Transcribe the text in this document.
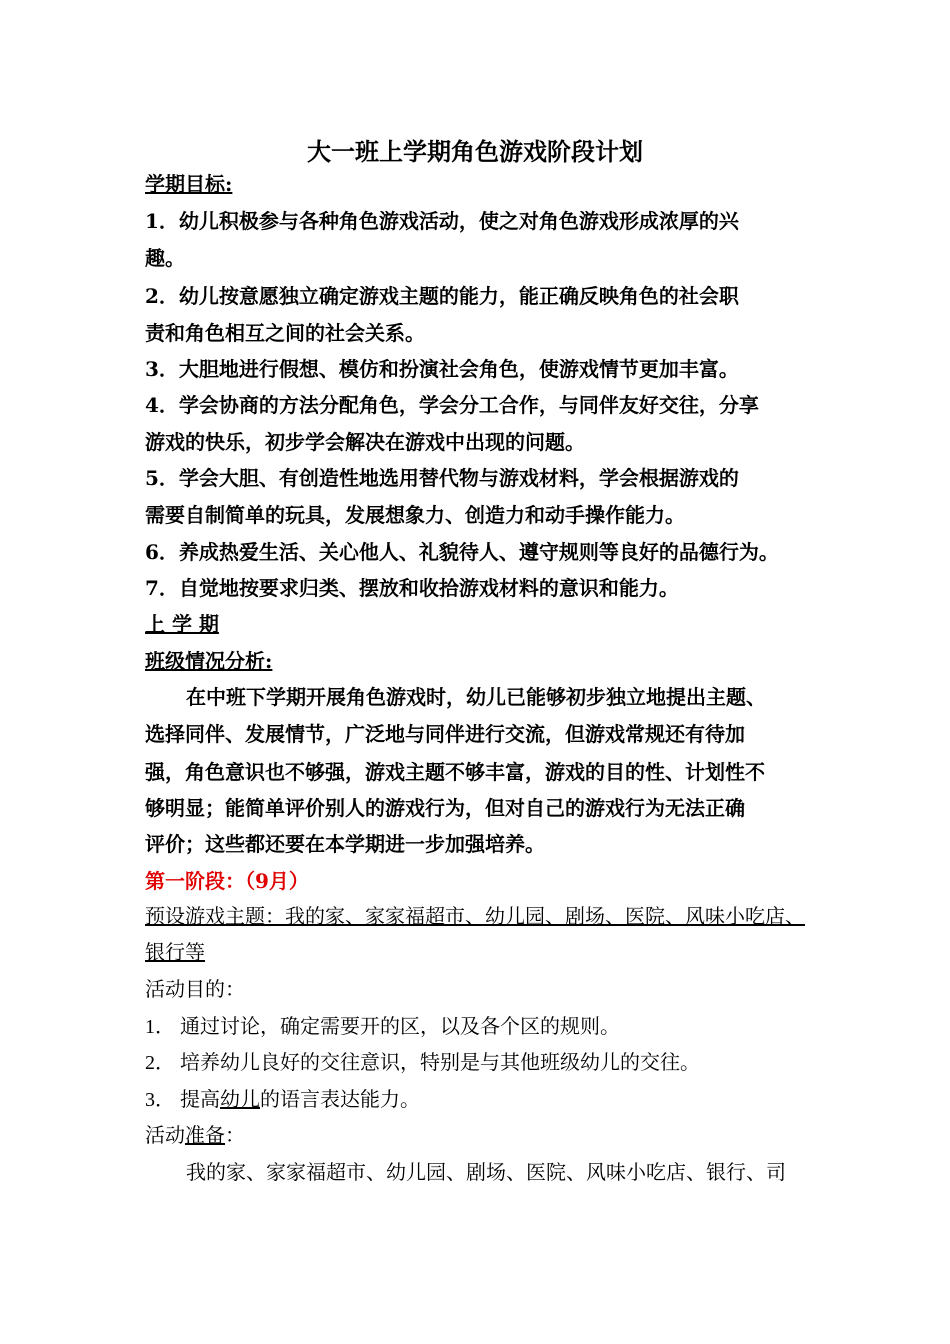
大一班上学期角色游戏阶段计划
学期目标:
1．幼儿积极参与各种角色游戏活动，使之对角色游戏形成浓厚的兴
趣。
2．幼儿按意愿独立确定游戏主题的能力，能正确反映角色的社会职
责和角色相互之间的社会关系。
3．大胆地进行假想、模仿和扮演社会角色，使游戏情节更加丰富。
4．学会协商的方法分配角色，学会分工合作，与同伴友好交往，分享
游戏的快乐，初步学会解决在游戏中出现的问题。
5．学会大胆、有创造性地选用替代物与游戏材料，学会根据游戏的
需要自制简单的玩具，发展想象力、创造力和动手操作能力。
6．养成热爱生活、关心他人、礼貌待人、遵守规则等良好的品德行为。
7．自觉地按要求归类、摆放和收拾游戏材料的意识和能力。
上 学 期
班级情况分析:
在中班下学期开展角色游戏时，幼儿已能够初步独立地提出主题、
选择同伴、发展情节，广泛地与同伴进行交流，但游戏常规还有待加
强，角色意识也不够强，游戏主题不够丰富，游戏的目的性、计划性不
够明显；能简单评价别人的游戏行为，但对自己的游戏行为无法正确
评价；这些都还要在本学期进一步加强培养。
第一阶段：（9月）
预设游戏主题：我的家、家家福超市、幼儿园、剧场、医院、风味小吃店、
银行等
活动目的：
1． 通过讨论，确定需要开的区，以及各个区的规则。
2． 培养幼儿良好的交往意识，特别是与其他班级幼儿的交往。
3． 提高幼儿的语言表达能力。
活动准备：
我的家、家家福超市、幼儿园、剧场、医院、风味小吃店、银行、司
